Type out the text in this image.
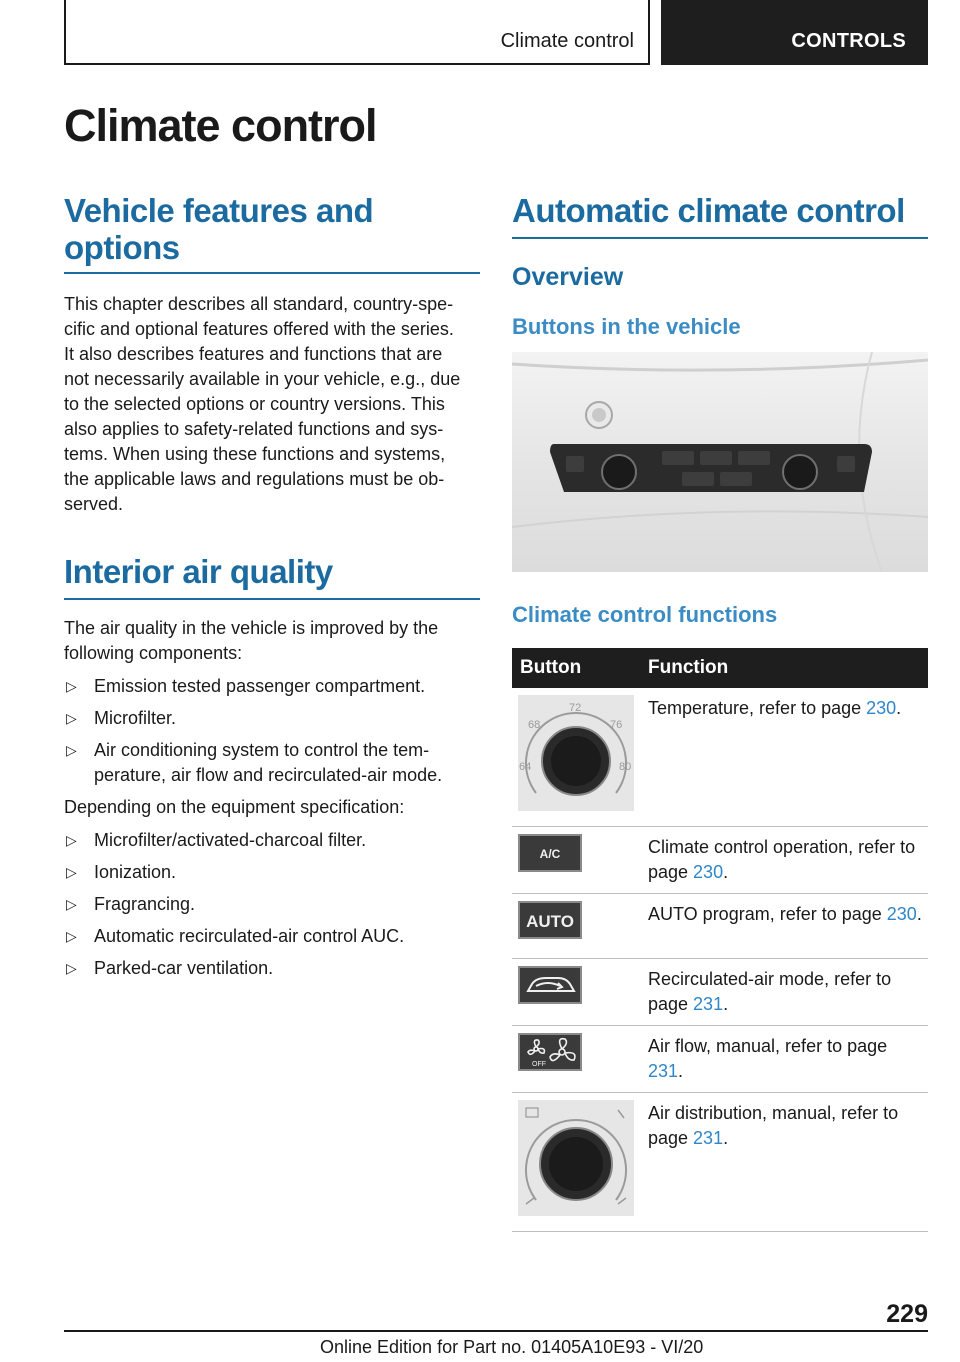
Climate control	CONTROLS
Climate control
Vehicle features and options
This chapter describes all standard, country-spe‐
cific and optional features offered with the series.
It also describes features and functions that are
not necessarily available in your vehicle, e.g., due
to the selected options or country versions. This
also applies to safety-related functions and sys‐
tems. When using these functions and systems,
the applicable laws and regulations must be ob‐
served.
Interior air quality
The air quality in the vehicle is improved by the
following components:
▷ Emission tested passenger compartment.
▷ Microfilter.
▷ Air conditioning system to control the tem‐
perature, air flow and recirculated-air mode.
Depending on the equipment specification:
▷ Microfilter/activated-charcoal filter.
▷ Ionization.
▷ Fragrancing.
▷ Automatic recirculated-air control AUC.
▷ Parked-car ventilation.
Automatic climate control
Overview
Buttons in the vehicle
Climate control functions
Button	Function

72
68 76
64 80	Temperature, refer to page 230.

A/C	Climate control operation, refer to page 230.

AUTO	AUTO program, refer to page 230.
	Recirculated-air mode, refer to page 231.

OFF	Air flow, manual, refer to page 231.
	Air distribution, manual, refer to page 231.
229
Online Edition for Part no. 01405A10E93 - VI/20
